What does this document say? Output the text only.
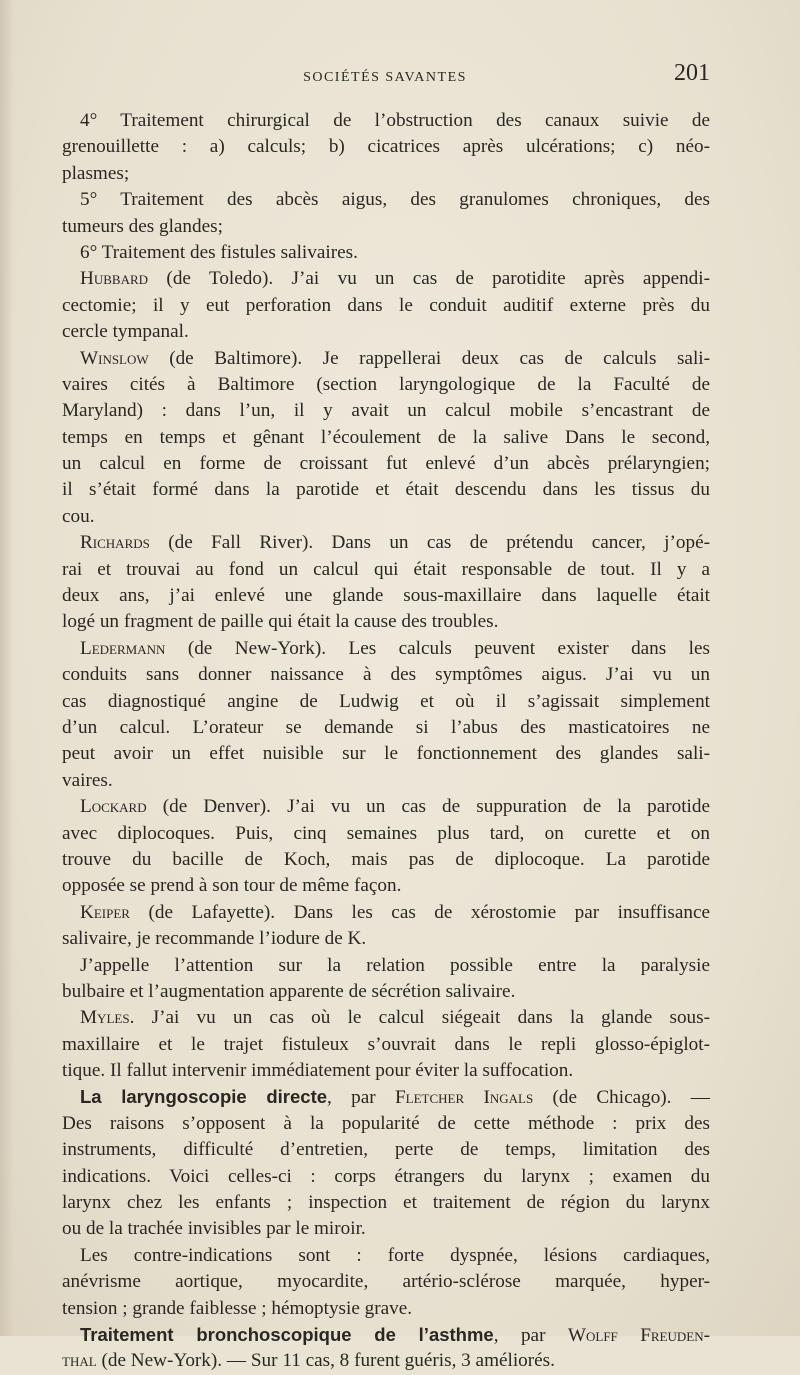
SOCIÉTÉS SAVANTES	201
4° Traitement chirurgical de l’obstruction des canaux suivie de
grenouillette : a) calculs; b) cicatrices après ulcérations; c) néo-
plasmes;
5° Traitement des abcès aigus, des granulomes chroniques, des
tumeurs des glandes;
6° Traitement des fistules salivaires.
Hubbard (de Toledo). J’ai vu un cas de parotidite après appendi-
cectomie; il y eut perforation dans le conduit auditif externe près du
cercle tympanal.
Winslow (de Baltimore). Je rappellerai deux cas de calculs sali-
vaires cités à Baltimore (section laryngologique de la Faculté de
Maryland) : dans l’un, il y avait un calcul mobile s’encastrant de
temps en temps et gênant l’écoulement de la salive Dans le second,
un calcul en forme de croissant fut enlevé d’un abcès prélaryngien;
il s’était formé dans la parotide et était descendu dans les tissus du
cou.
Richards (de Fall River). Dans un cas de prétendu cancer, j’opé-
rai et trouvai au fond un calcul qui était responsable de tout. Il y a
deux ans, j’ai enlevé une glande sous-maxillaire dans laquelle était
logé un fragment de paille qui était la cause des troubles.
Ledermann (de New-York). Les calculs peuvent exister dans les
conduits sans donner naissance à des symptômes aigus. J’ai vu un
cas diagnostiqué angine de Ludwig et où il s’agissait simplement
d’un calcul. L’orateur se demande si l’abus des masticatoires ne
peut avoir un effet nuisible sur le fonctionnement des glandes sali-
vaires.
Lockard (de Denver). J’ai vu un cas de suppuration de la parotide
avec diplocoques. Puis, cinq semaines plus tard, on curette et on
trouve du bacille de Koch, mais pas de diplocoque. La parotide
opposée se prend à son tour de même façon.
Keiper (de Lafayette). Dans les cas de xérostomie par insuffisance
salivaire, je recommande l’iodure de K.
J’appelle l’attention sur la relation possible entre la paralysie
bulbaire et l’augmentation apparente de sécrétion salivaire.
Myles. J’ai vu un cas où le calcul siégeait dans la glande sous-
maxillaire et le trajet fistuleux s’ouvrait dans le repli glosso-épiglot-
tique. Il fallut intervenir immédiatement pour éviter la suffocation.
La laryngoscopie directe, par Fletcher Ingals (de Chicago). —
Des raisons s’opposent à la popularité de cette méthode : prix des
instruments, difficulté d’entretien, perte de temps, limitation des
indications. Voici celles-ci : corps étrangers du larynx ; examen du
larynx chez les enfants ; inspection et traitement de région du larynx
ou de la trachée invisibles par le miroir.
Les contre-indications sont : forte dyspnée, lésions cardiaques,
anévrisme aortique, myocardite, artério-sclérose marquée, hyper-
tension ; grande faiblesse ; hémoptysie grave.
Traitement bronchoscopique de l’asthme, par Wolff Freuden-
thal (de New-York). — Sur 11 cas, 8 furent guéris, 3 améliorés.
